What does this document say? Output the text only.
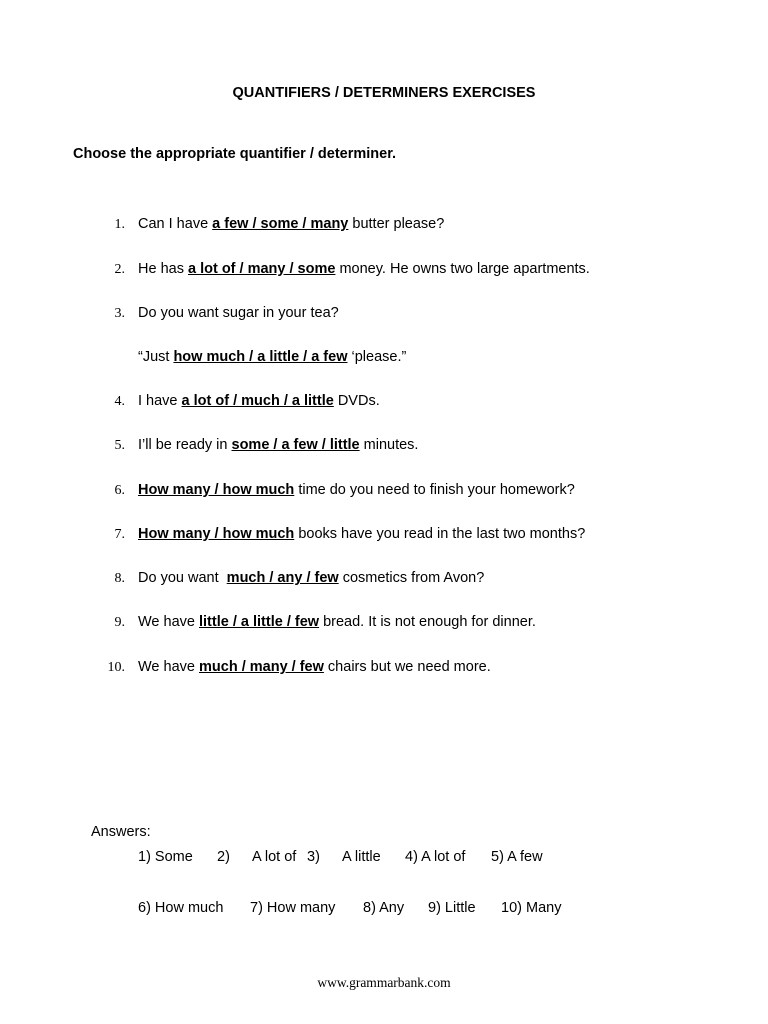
QUANTIFIERS / DETERMINERS EXERCISES
Choose the appropriate quantifier / determiner.
1. Can I have a few / some / many butter please?
2. He has a lot of / many / some money. He owns two large apartments.
3. Do you want sugar in your tea?
“Just how much / a little / a few ‘please.”
4. I have a lot of / much / a little DVDs.
5. I’ll be ready in some / a few / little minutes.
6. How many / how much time do you need to finish your homework?
7. How many / how much books have you read in the last two months?
8. Do you want  much / any / few cosmetics from Avon?
9. We have little / a little / few bread. It is not enough for dinner.
10. We have much / many / few chairs but we need more.
Answers:
1) Some 2) A lot of 3) A little 4) A lot of 5) A few
6) How much 7) How many 8) Any 9) Little 10) Many
www.grammarbank.com
